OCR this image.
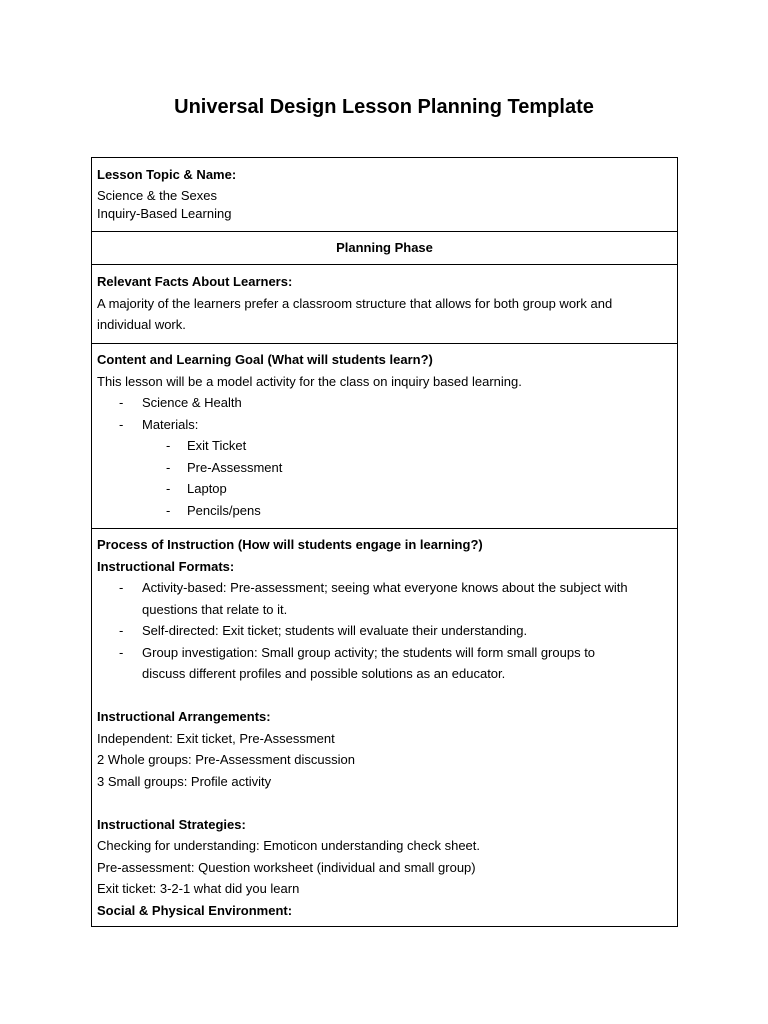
Universal Design Lesson Planning Template
Lesson Topic & Name:
Science & the Sexes
Inquiry-Based Learning
Planning Phase
Relevant Facts About Learners:
A majority of the learners prefer a classroom structure that allows for both group work and
individual work.
Content and Learning Goal (What will students learn?)
This lesson will be a model activity for the class on inquiry based learning.
- Science & Health
- Materials:
- Exit Ticket
- Pre-Assessment
- Laptop
- Pencils/pens
Process of Instruction (How will students engage in learning?)
Instructional Formats:
- Activity-based: Pre-assessment; seeing what everyone knows about the subject with
questions that relate to it.
- Self-directed: Exit ticket; students will evaluate their understanding.
- Group investigation: Small group activity; the students will form small groups to
discuss different profiles and possible solutions as an educator.
Instructional Arrangements:
Independent: Exit ticket, Pre-Assessment
2 Whole groups: Pre-Assessment discussion
3 Small groups: Profile activity
Instructional Strategies:
Checking for understanding: Emoticon understanding check sheet.
Pre-assessment: Question worksheet (individual and small group)
Exit ticket: 3-2-1 what did you learn
Social & Physical Environment:
